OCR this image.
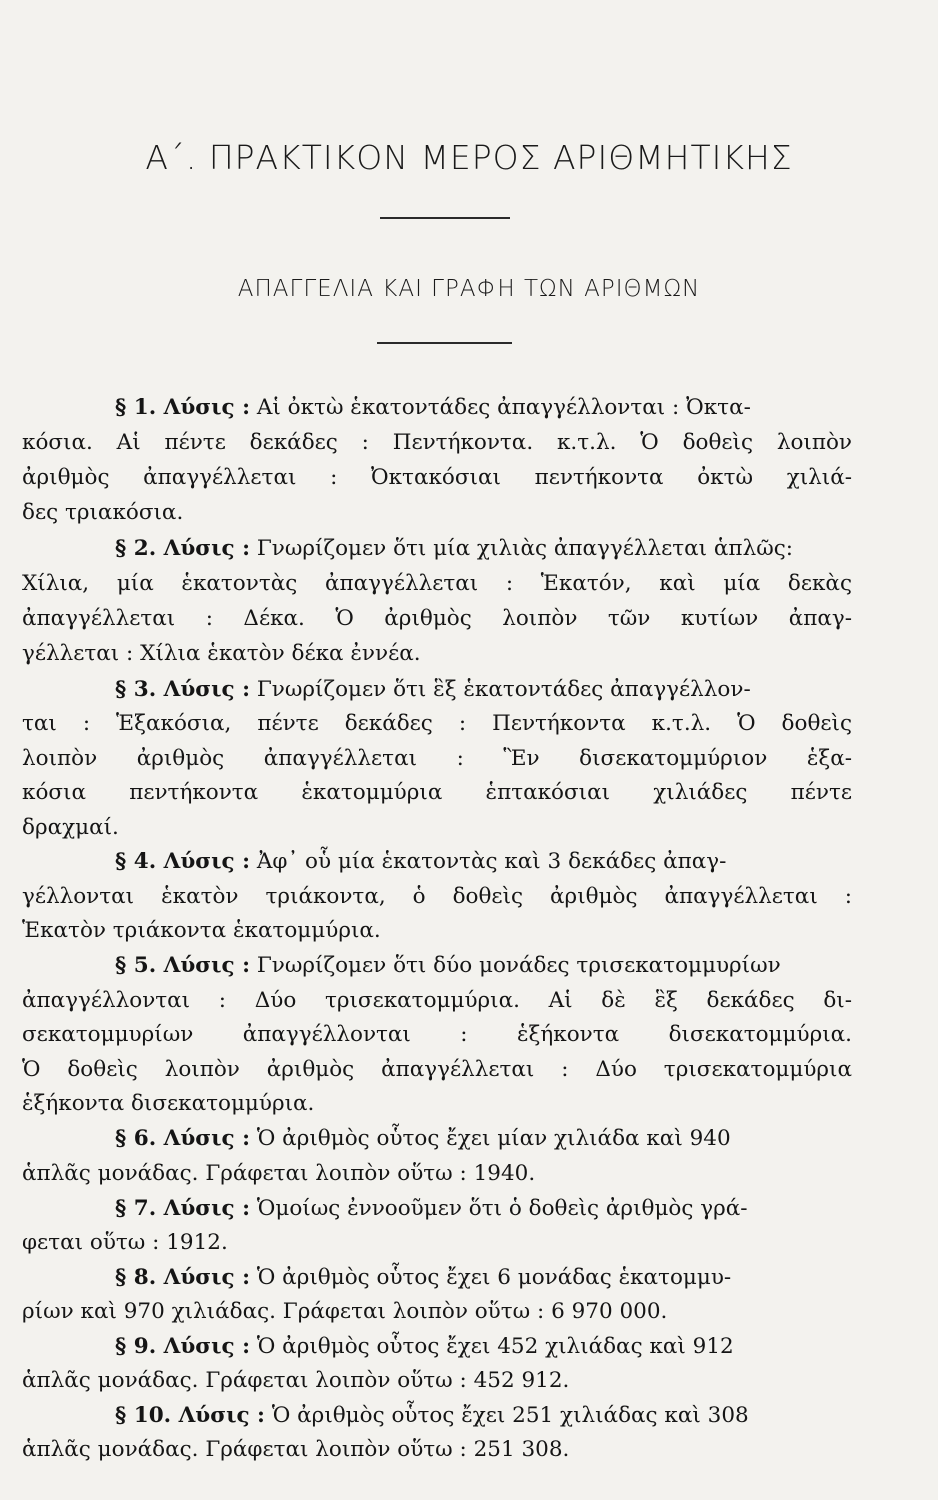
Α΄. ΠΡΑΚΤΙΚΟΝ ΜΕΡΟΣ ΑΡΙΘΜΗΤΙΚΗΣ
ΑΠΑΓΓΕΛΙΑ ΚΑΙ ΓΡΑΦΗ ΤΩΝ ΑΡΙΘΜΩΝ
§ 1. Λύσις : Αἱ ὀκτὼ ἑκατοντάδες ἀπαγγέλλονται : Ὀκτα-
κόσια. Αἱ πέντε δεκάδες : Πεντήκοντα. κ.τ.λ. Ὁ δοθεὶς λοιπὸν
ἀριθμὸς ἀπαγγέλλεται : Ὀκτακόσιαι πεντήκοντα ὀκτὼ χιλιά-
δες τριακόσια.
§ 2. Λύσις : Γνωρίζομεν ὅτι μία χιλιὰς ἀπαγγέλλεται ἁπλῶς:
Χίλια, μία ἑκατοντὰς ἀπαγγέλλεται : Ἑκατόν, καὶ μία δεκὰς
ἀπαγγέλλεται : Δέκα. Ὁ ἀριθμὸς λοιπὸν τῶν κυτίων ἀπαγ-
γέλλεται : Χίλια ἑκατὸν δέκα ἐννέα.
§ 3. Λύσις : Γνωρίζομεν ὅτι ἓξ ἑκατοντάδες ἀπαγγέλλον-
ται : Ἑξακόσια, πέντε δεκάδες : Πεντήκοντα κ.τ.λ. Ὁ δοθεὶς
λοιπὸν ἀριθμὸς ἀπαγγέλλεται : Ἓν δισεκατομμύριον ἑξα-
κόσια πεντήκοντα ἑκατομμύρια ἑπτακόσιαι χιλιάδες πέντε
δραχμαί.
§ 4. Λύσις : Ἀφ᾽ οὗ μία ἑκατοντὰς καὶ 3 δεκάδες ἀπαγ-
γέλλονται ἑκατὸν τριάκοντα, ὁ δοθεὶς ἀριθμὸς ἀπαγγέλλεται :
Ἑκατὸν τριάκοντα ἑκατομμύρια.
§ 5. Λύσις : Γνωρίζομεν ὅτι δύο μονάδες τρισεκατομμυρίων
ἀπαγγέλλονται : Δύο τρισεκατομμύρια. Αἱ δὲ ἓξ δεκάδες δι-
σεκατομμυρίων ἀπαγγέλλονται : ἑξήκοντα δισεκατομμύρια.
Ὁ δοθεὶς λοιπὸν ἀριθμὸς ἀπαγγέλλεται : Δύο τρισεκατομμύρια
ἑξήκοντα δισεκατομμύρια.
§ 6. Λύσις : Ὁ ἀριθμὸς οὗτος ἔχει μίαν χιλιάδα καὶ 940
ἁπλᾶς μονάδας. Γράφεται λοιπὸν οὕτω : 1940.
§ 7. Λύσις : Ὁμοίως ἐννοοῦμεν ὅτι ὁ δοθεὶς ἀριθμὸς γρά-
φεται οὕτω : 1912.
§ 8. Λύσις : Ὁ ἀριθμὸς οὗτος ἔχει 6 μονάδας ἑκατομμυ-
ρίων καὶ 970 χιλιάδας. Γράφεται λοιπὸν οὕτω : 6 970 000.
§ 9. Λύσις : Ὁ ἀριθμὸς οὗτος ἔχει 452 χιλιάδας καὶ 912
ἁπλᾶς μονάδας. Γράφεται λοιπὸν οὕτω : 452 912.
§ 10. Λύσις : Ὁ ἀριθμὸς οὗτος ἔχει 251 χιλιάδας καὶ 308
ἁπλᾶς μονάδας. Γράφεται λοιπὸν οὕτω : 251 308.
